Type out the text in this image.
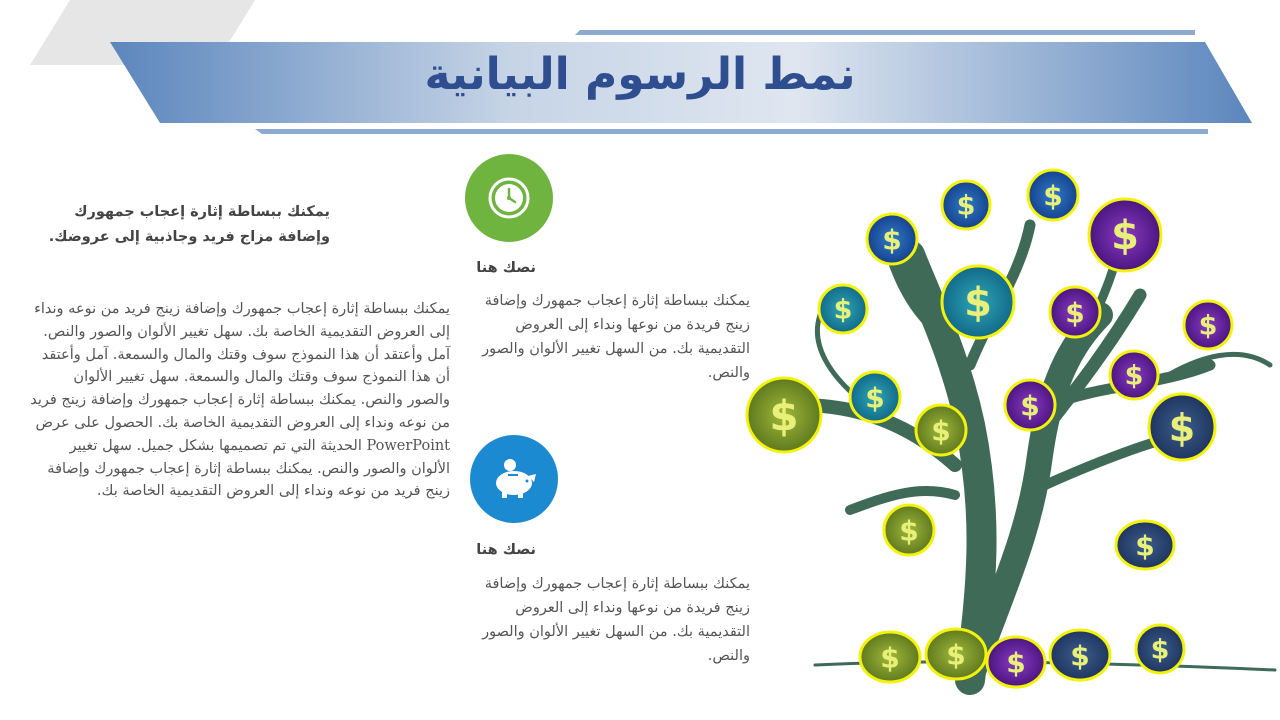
نمط الرسوم البيانية
يمكنك ببساطة إثارة إعجاب جمهورك وإضافة مزاج فريد وجاذبية إلى عروضك.
يمكنك ببساطة إثارة إعجاب جمهورك وإضافة زينج فريد من نوعه ونداء إلى العروض التقديمية الخاصة بك. سهل تغيير الألوان والصور والنص. آمل وأعتقد أن هذا النموذج سوف وقتك والمال والسمعة. آمل وأعتقد أن هذا النموذج سوف وقتك والمال والسمعة. سهل تغيير الألوان والصور والنص. يمكنك ببساطة إثارة إعجاب جمهورك وإضافة زينج فريد من نوعه ونداء إلى العروض التقديمية الخاصة بك. الحصول على عرض PowerPoint الحديثة التي تم تصميمها بشكل جميل. سهل تغيير الألوان والصور والنص. يمكنك ببساطة إثارة إعجاب جمهورك وإضافة زينج فريد من نوعه ونداء إلى العروض التقديمية الخاصة بك.
نصك هنا
يمكنك ببساطة إثارة إعجاب جمهورك وإضافة زينج فريدة من نوعها ونداء إلى العروض التقديمية بك. من السهل تغيير الألوان والصور والنص.
نصك هنا
يمكنك ببساطة إثارة إعجاب جمهورك وإضافة زينج فريدة من نوعها ونداء إلى العروض التقديمية بك. من السهل تغيير الألوان والصور والنص.
$
$ $
$
$	$	$	$
$
$	$
$	$	$
$	$
$ $ $ $ $
